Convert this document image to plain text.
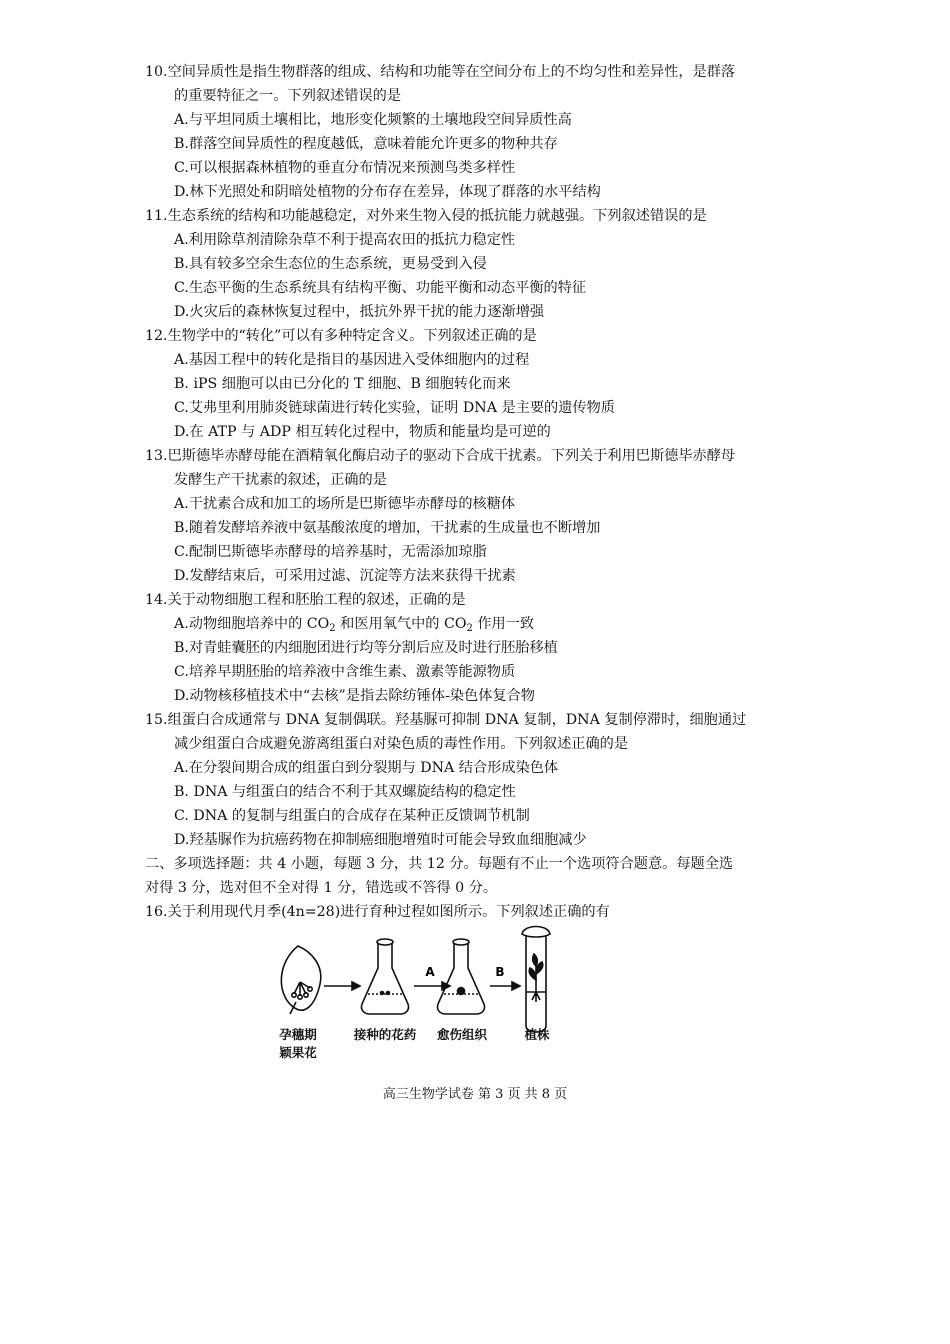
10.空间异质性是指生物群落的组成、结构和功能等在空间分布上的不均匀性和差异性，是群落
的重要特征之一。下列叙述错误的是
A.与平坦同质土壤相比，地形变化频繁的土壤地段空间异质性高
B.群落空间异质性的程度越低，意味着能允许更多的物种共存
C.可以根据森林植物的垂直分布情况来预测鸟类多样性
D.林下光照处和阴暗处植物的分布存在差异，体现了群落的水平结构
11.生态系统的结构和功能越稳定，对外来生物入侵的抵抗能力就越强。下列叙述错误的是
A.利用除草剂清除杂草不利于提高农田的抵抗力稳定性
B.具有较多空余生态位的生态系统，更易受到入侵
C.生态平衡的生态系统具有结构平衡、功能平衡和动态平衡的特征
D.火灾后的森林恢复过程中，抵抗外界干扰的能力逐渐增强
12.生物学中的“转化”可以有多种特定含义。下列叙述正确的是
A.基因工程中的转化是指目的基因进入受体细胞内的过程
B. iPS 细胞可以由已分化的 T 细胞、B 细胞转化而来
C.艾弗里利用肺炎链球菌进行转化实验，证明 DNA 是主要的遗传物质
D.在 ATP 与 ADP 相互转化过程中，物质和能量均是可逆的
13.巴斯德毕赤酵母能在酒精氧化酶启动子的驱动下合成干扰素。下列关于利用巴斯德毕赤酵母
发酵生产干扰素的叙述，正确的是
A.干扰素合成和加工的场所是巴斯德毕赤酵母的核糖体
B.随着发酵培养液中氨基酸浓度的增加，干扰素的生成量也不断增加
C.配制巴斯德毕赤酵母的培养基时，无需添加琼脂
D.发酵结束后，可采用过滤、沉淀等方法来获得干扰素
14.关于动物细胞工程和胚胎工程的叙述，正确的是
A.动物细胞培养中的 $CO_2$ 和医用氧气中的 $CO_2$ 作用一致
B.对青蛙囊胚的内细胞团进行均等分割后应及时进行胚胎移植
C.培养早期胚胎的培养液中含维生素、激素等能源物质
D.动物核移植技术中“去核”是指去除纺锤体-染色体复合物
15.组蛋白合成通常与 DNA 复制偶联。羟基脲可抑制 DNA 复制，DNA 复制停滞时，细胞通过
减少组蛋白合成避免游离组蛋白对染色质的毒性作用。下列叙述正确的是
A.在分裂间期合成的组蛋白到分裂期与 DNA 结合形成染色体
B. DNA 与组蛋白的结合不利于其双螺旋结构的稳定性
C. DNA 的复制与组蛋白的合成存在某种正反馈调节机制
D.羟基脲作为抗癌药物在抑制癌细胞增殖时可能会导致血细胞减少
二、多项选择题：共 4 小题，每题 3 分，共 12 分。每题有不止一个选项符合题意。每题全选
对得 3 分，选对但不全对得 1 分，错选或不答得 0 分。
16.关于利用现代月季(4n=28)进行育种过程如图所示。下列叙述正确的有
A	B
孕穗期
颖果花
接种的花药	愈伤组织	植株
高三生物学试卷 第 3 页 共 8 页
